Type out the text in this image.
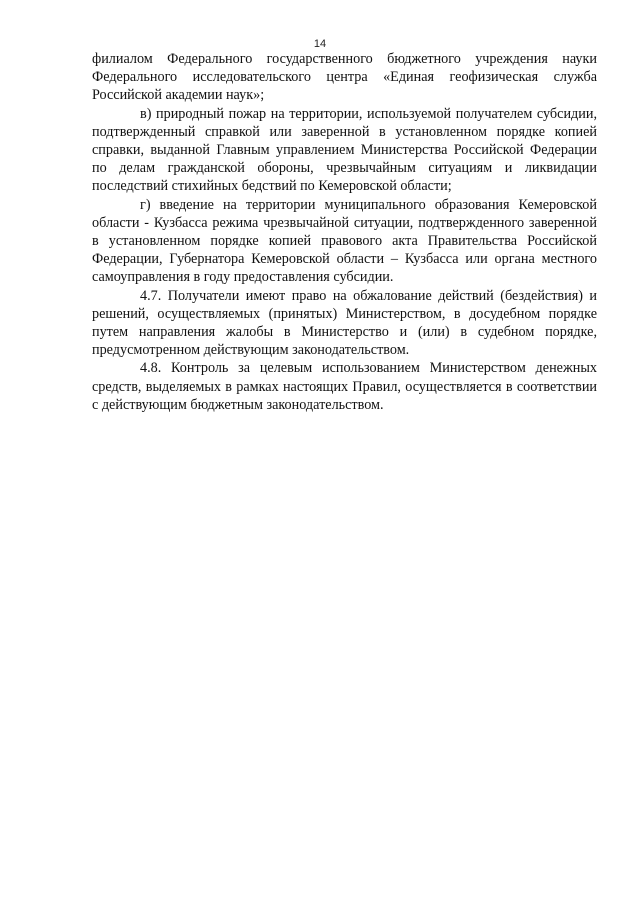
14

филиалом Федерального государственного бюджетного учреждения науки Федерального исследовательского центра «Единая геофизическая служба Российской академии наук»;

в) природный пожар на территории, используемой получателем субсидии, подтвержденный справкой или заверенной в установленном порядке копией справки, выданной Главным управлением Министерства Российской Федерации по делам гражданской обороны, чрезвычайным ситуациям и ликвидации последствий стихийных бедствий по Кемеровской области;

г) введение на территории муниципального образования Кемеровской области - Кузбасса режима чрезвычайной ситуации, подтвержденного заверенной в установленном порядке копией правового акта Правительства Российской Федерации, Губернатора Кемеровской области – Кузбасса или органа местного самоуправления в году предоставления субсидии.

4.7. Получатели имеют право на обжалование действий (бездействия) и решений, осуществляемых (принятых) Министерством, в досудебном порядке путем направления жалобы в Министерство и (или) в судебном порядке, предусмотренном действующим законодательством.

4.8. Контроль за целевым использованием Министерством денежных средств, выделяемых в рамках настоящих Правил, осуществляется в соответствии с действующим бюджетным законодательством.
